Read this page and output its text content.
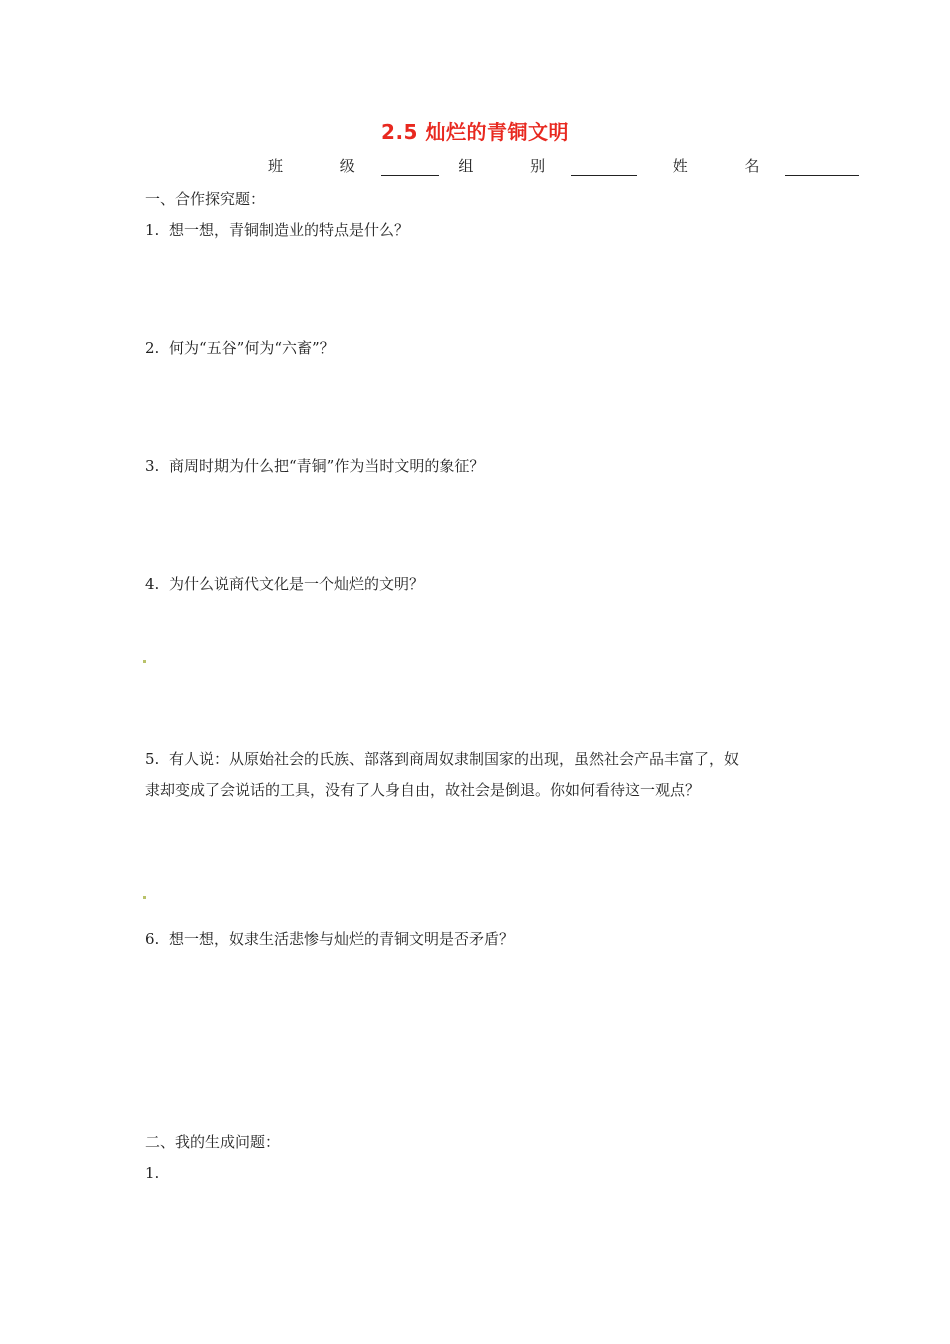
2.5 灿烂的青铜文明
班 级	组 别	姓 名
一、合作探究题：
1. 想一想，青铜制造业的特点是什么？
2. 何为“五谷”何为“六畜”？
3. 商周时期为什么把“青铜”作为当时文明的象征？
4. 为什么说商代文化是一个灿烂的文明？
5. 有人说：从原始社会的氏族、部落到商周奴隶制国家的出现，虽然社会产品丰富了，奴
隶却变成了会说话的工具，没有了人身自由，故社会是倒退。你如何看待这一观点？
6. 想一想，奴隶生活悲惨与灿烂的青铜文明是否矛盾？
二、我的生成问题：
1.
